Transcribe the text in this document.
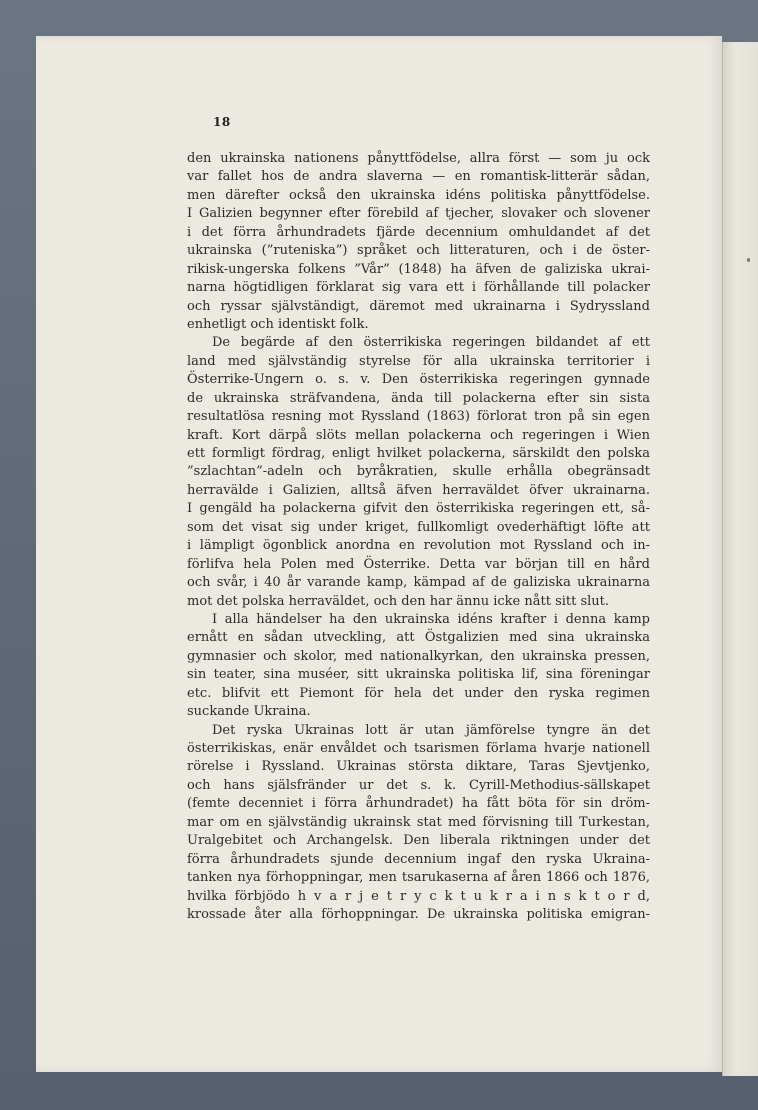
18
den ukrainska nationens pånyttfödelse, allra först — som ju ock
var fallet hos de andra slaverna — en romantisk-litterär sådan,
men därefter också den ukrainska idéns politiska pånyttfödelse.
I Galizien begynner efter förebild af tjecher, slovaker och slovener
i det förra århundradets fjärde decennium omhuldandet af det
ukrainska (”ruteniska”) språket och litteraturen, och i de öster-
rikisk-ungerska folkens ”Vår” (1848) ha äfven de galiziska ukrai-
narna högtidligen förklarat sig vara ett i förhållande till polacker
och ryssar självständigt, däremot med ukrainarna i Sydryssland
enhetligt och identiskt folk.
De begärde af den österrikiska regeringen bildandet af ett
land med självständig styrelse för alla ukrainska territorier i
Österrike-Ungern o. s. v. Den österrikiska regeringen gynnade
de ukrainska sträfvandena, ända till polackerna efter sin sista
resultatlösa resning mot Ryssland (1863) förlorat tron på sin egen
kraft. Kort därpå slöts mellan polackerna och regeringen i Wien
ett formligt fördrag, enligt hvilket polackerna, särskildt den polska
”szlachtan”-adeln och byråkratien, skulle erhålla obegränsadt
herravälde i Galizien, alltså äfven herraväldet öfver ukrainarna.
I gengäld ha polackerna gifvit den österrikiska regeringen ett, så-
som det visat sig under kriget, fullkomligt ovederhäftigt löfte att
i lämpligt ögonblick anordna en revolution mot Ryssland och in-
förlifva hela Polen med Österrike. Detta var början till en hård
och svår, i 40 år varande kamp, kämpad af de galiziska ukrainarna
mot det polska herraväldet, och den har ännu icke nått sitt slut.
I alla händelser ha den ukrainska idéns krafter i denna kamp
ernått en sådan utveckling, att Östgalizien med sina ukrainska
gymnasier och skolor, med nationalkyrkan, den ukrainska pressen,
sin teater, sina muséer, sitt ukrainska politiska lif, sina föreningar
etc. blifvit ett Piemont för hela det under den ryska regimen
suckande Ukraina.
Det ryska Ukrainas lott är utan jämförelse tyngre än det
österrikiskas, enär envåldet och tsarismen förlama hvarje nationell
rörelse i Ryssland. Ukrainas största diktare, Taras Sjevtjenko,
och hans själsfränder ur det s. k. Cyrill-Methodius-sällskapet
(femte decenniet i förra århundradet) ha fått böta för sin dröm-
mar om en självständig ukrainsk stat med förvisning till Turkestan,
Uralgebitet och Archangelsk. Den liberala riktningen under det
förra århundradets sjunde decennium ingaf den ryska Ukraina-
tanken nya förhoppningar, men tsarukaserna af åren 1866 och 1876,
hvilka förbjödo h v a r j e t r y c k t u k r a i n s k t o r d,
krossade åter alla förhoppningar. De ukrainska politiska emigran-
